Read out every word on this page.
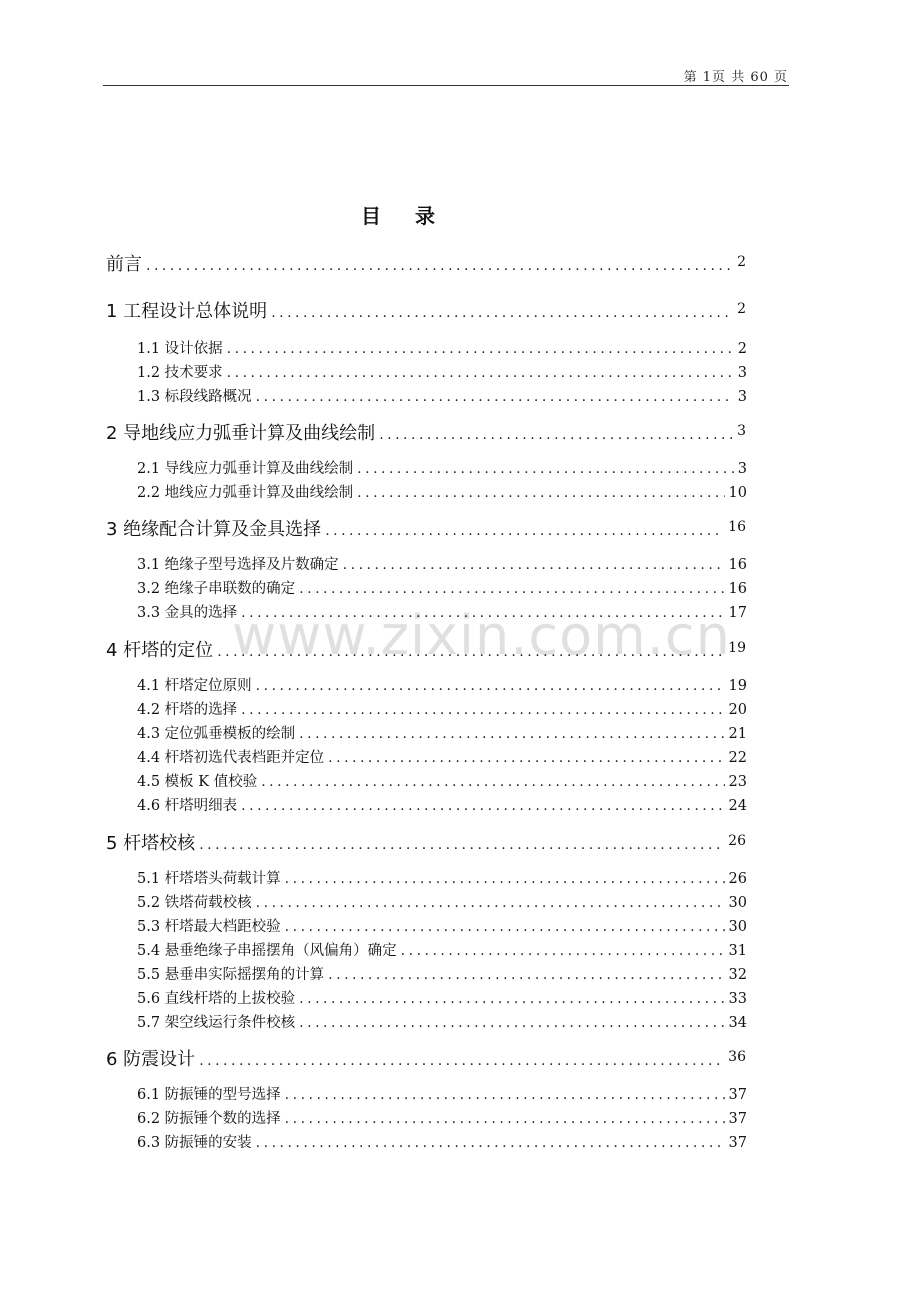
第 1页 共 60 页
目录
www.zixin.com.cn
前言 .....	2
1 工程设计总体说明 .....	2
1.1 设计依据 .....	2
1.2 技术要求 .....	3
1.3 标段线路概况 .....	3
2 导地线应力弧垂计算及曲线绘制 .....	3
2.1 导线应力弧垂计算及曲线绘制 .....	3
2.2 地线应力弧垂计算及曲线绘制 .....	10
3 绝缘配合计算及金具选择 .....	16
3.1 绝缘子型号选择及片数确定 .....	16
3.2 绝缘子串联数的确定 .....	16
3.3 金具的选择 .....	17
4 杆塔的定位 .....	19
4.1 杆塔定位原则 .....	19
4.2 杆塔的选择 .....	20
4.3 定位弧垂模板的绘制 .....	21
4.4 杆塔初选代表档距并定位 .....	22
4.5 模板 K 值校验 .....	23
4.6 杆塔明细表 .....	24
5 杆塔校核 .....	26
5.1 杆塔塔头荷载计算 .....	26
5.2 铁塔荷载校核 .....	30
5.3 杆塔最大档距校验 .....	30
5.4 悬垂绝缘子串摇摆角（风偏角）确定 .....	31
5.5 悬垂串实际摇摆角的计算 .....	32
5.6 直线杆塔的上拔校验 .....	33
5.7 架空线运行条件校核 .....	34
6 防震设计 .....	36
6.1 防振锤的型号选择 .....	37
6.2 防振锤个数的选择 .....	37
6.3 防振锤的安装 .....	37
